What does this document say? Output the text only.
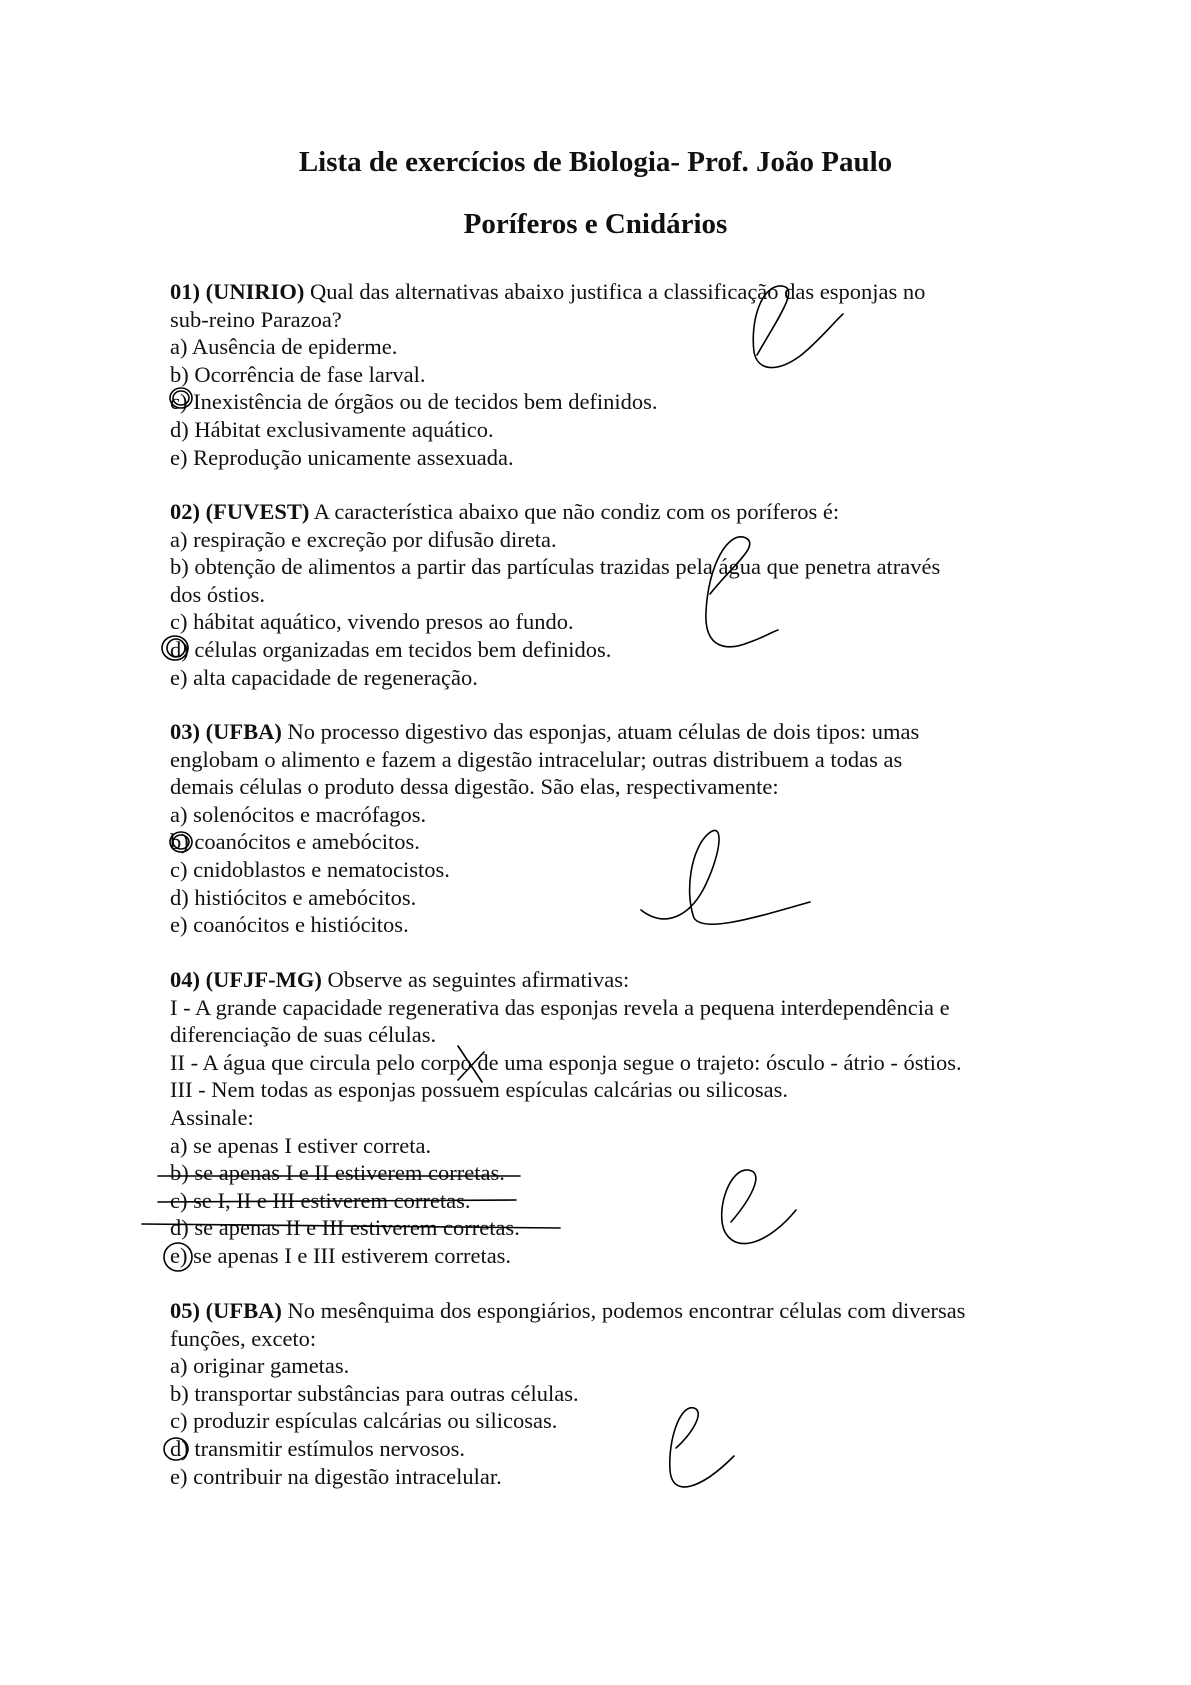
Lista de exercícios de Biologia- Prof. João Paulo
Poríferos e Cnidários
01) (UNIRIO) Qual das alternativas abaixo justifica a classificação das esponjas no
sub-reino Parazoa?
a) Ausência de epiderme.
b) Ocorrência de fase larval.
c) Inexistência de órgãos ou de tecidos bem definidos.
d) Hábitat exclusivamente aquático.
e) Reprodução unicamente assexuada.
02) (FUVEST) A característica abaixo que não condiz com os poríferos é:
a) respiração e excreção por difusão direta.
b) obtenção de alimentos a partir das partículas trazidas pela água que penetra através
dos óstios.
c) hábitat aquático, vivendo presos ao fundo.
d) células organizadas em tecidos bem definidos.
e) alta capacidade de regeneração.
03) (UFBA) No processo digestivo das esponjas, atuam células de dois tipos: umas
englobam o alimento e fazem a digestão intracelular; outras distribuem a todas as
demais células o produto dessa digestão. São elas, respectivamente:
a) solenócitos e macrófagos.
b) coanócitos e amebócitos.
c) cnidoblastos e nematocistos.
d) histiócitos e amebócitos.
e) coanócitos e histiócitos.
04) (UFJF-MG) Observe as seguintes afirmativas:
I - A grande capacidade regenerativa das esponjas revela a pequena interdependência e
diferenciação de suas células.
II - A água que circula pelo corpo de uma esponja segue o trajeto: ósculo - átrio - óstios.
III - Nem todas as esponjas possuem espículas calcárias ou silicosas.
Assinale:
a) se apenas I estiver correta.
b) se apenas I e II estiverem corretas.
c) se I, II e III estiverem corretas.
d) se apenas II e III estiverem corretas.
e) se apenas I e III estiverem corretas.
05) (UFBA) No mesênquima dos espongiários, podemos encontrar células com diversas
funções, exceto:
a) originar gametas.
b) transportar substâncias para outras células.
c) produzir espículas calcárias ou silicosas.
d) transmitir estímulos nervosos.
e) contribuir na digestão intracelular.
